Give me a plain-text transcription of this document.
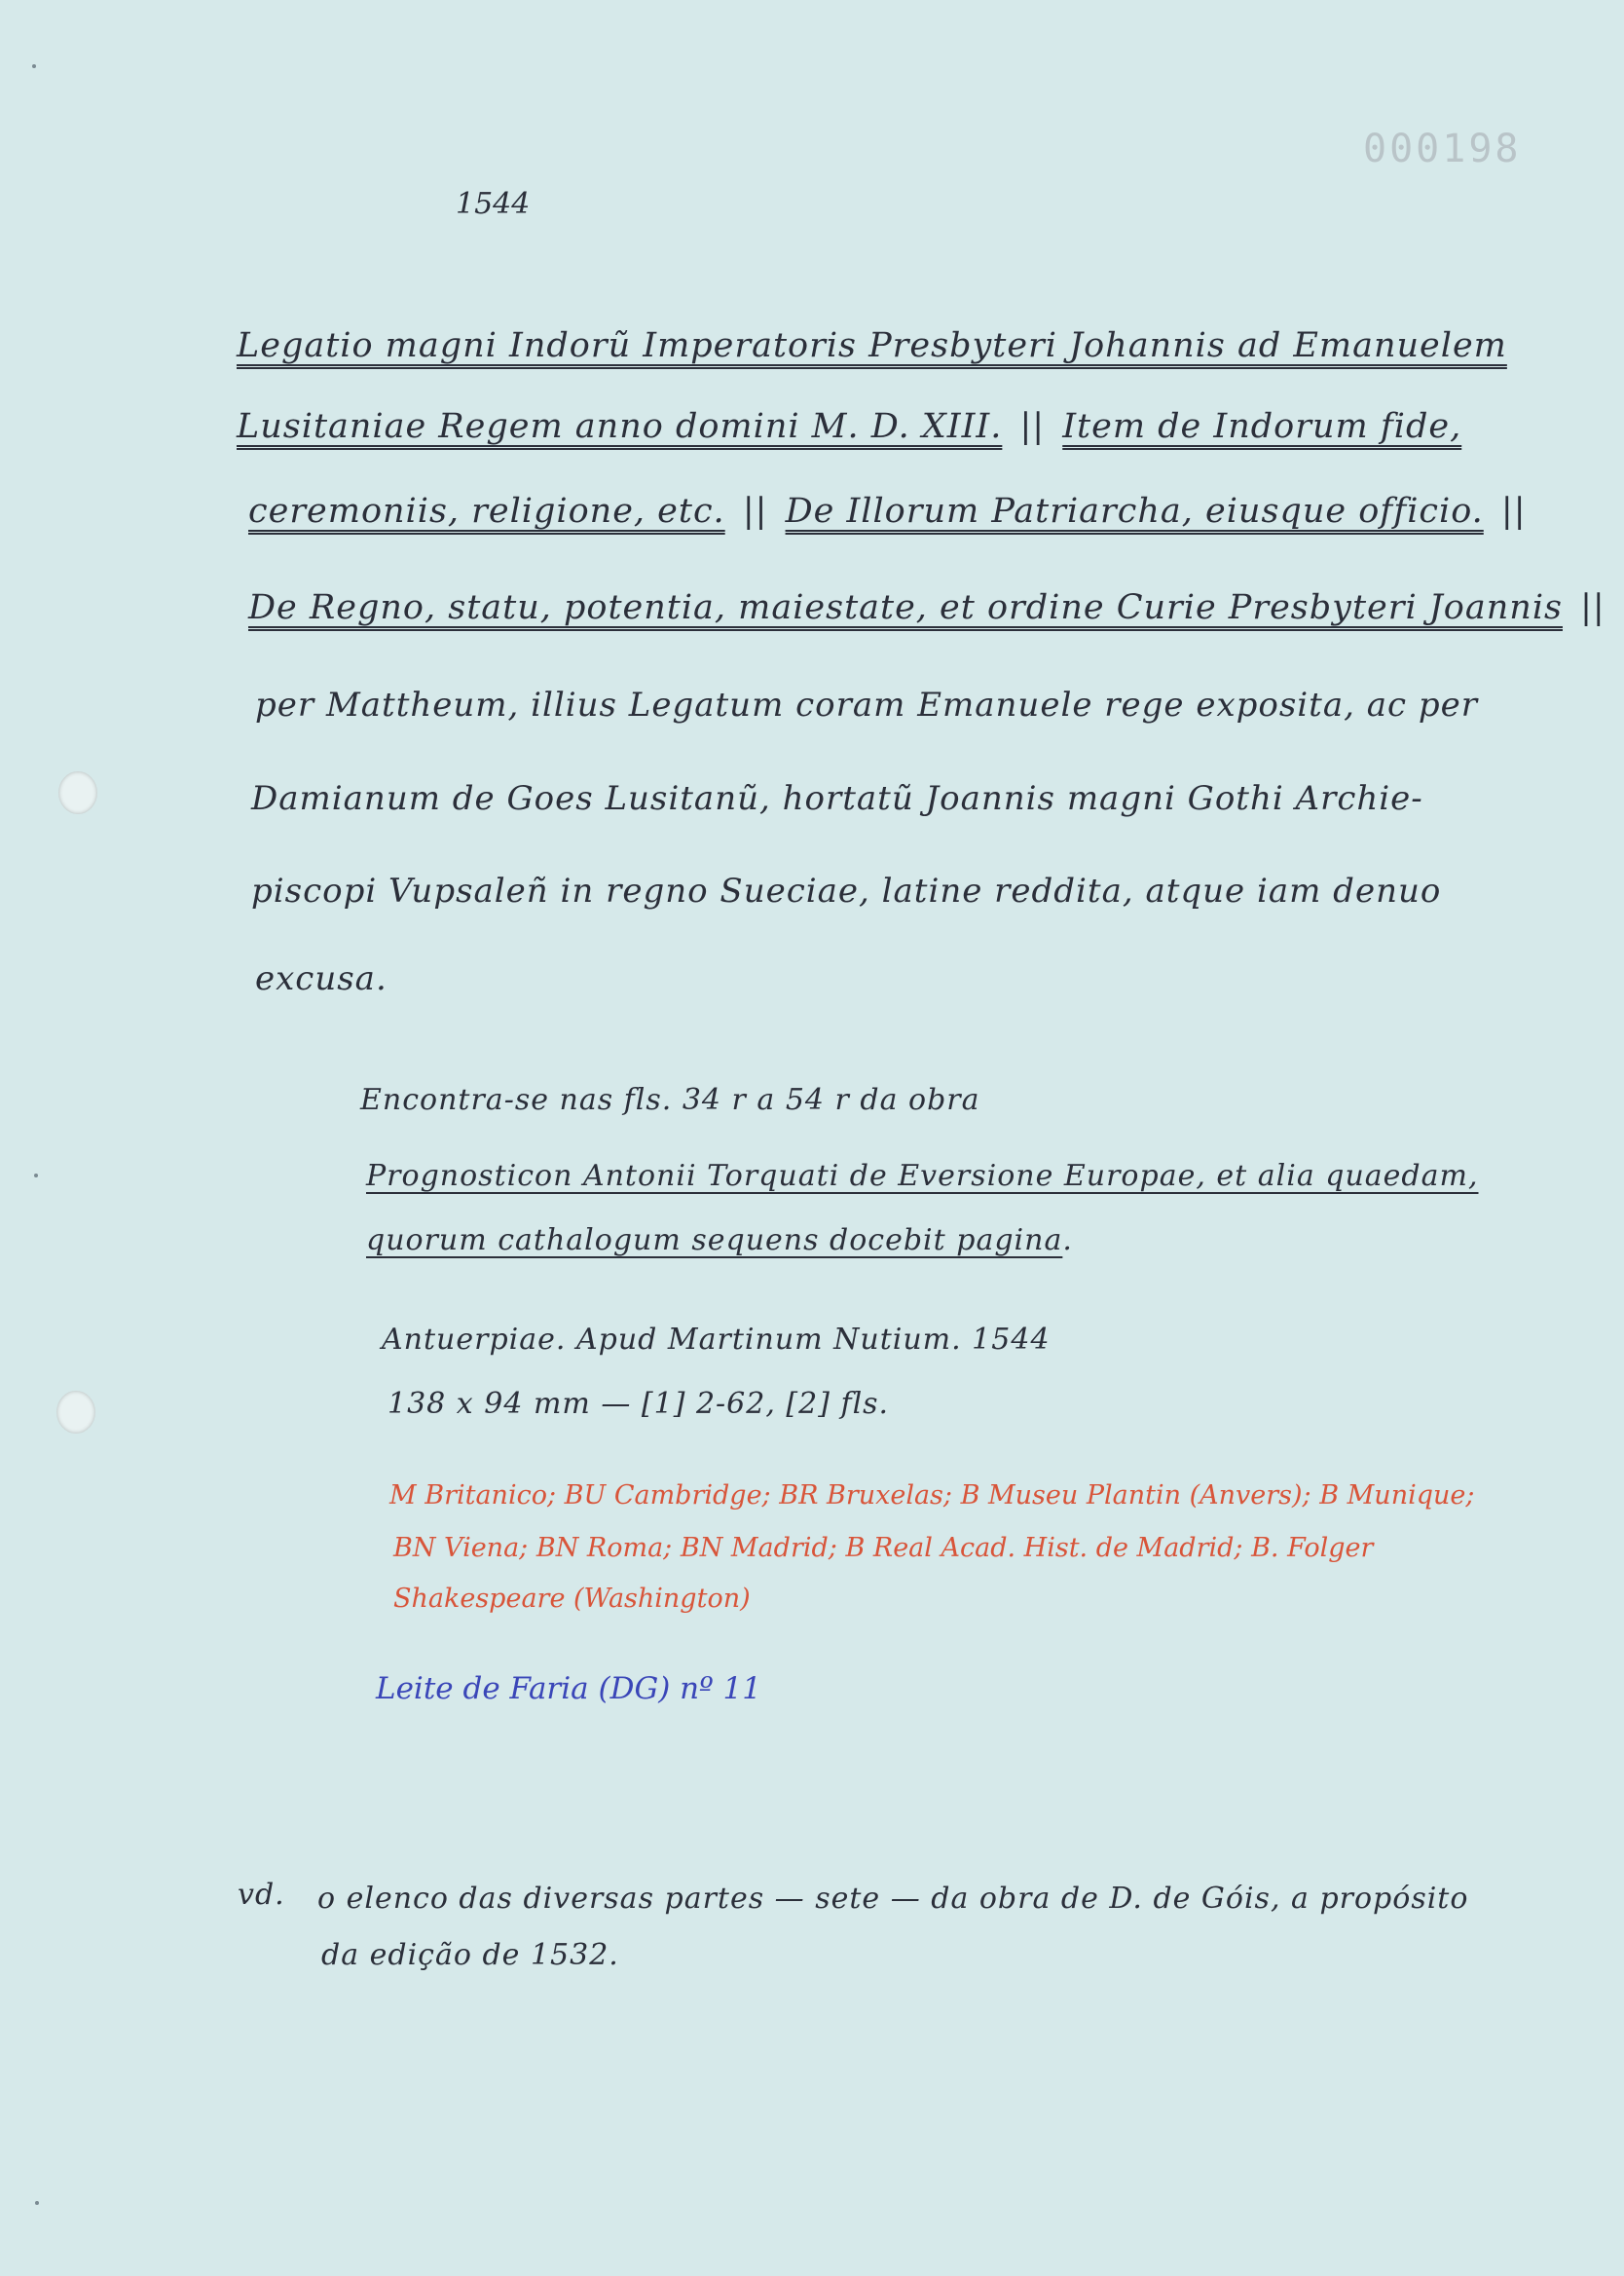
000198
1544
Legatio magni Indorũ Imperatoris Presbyteri Johannis ad Emanuelem
Lusitaniae Regem anno domini M. D. XIII. || Item de Indorum fide,
ceremoniis, religione, etc. || De Illorum Patriarcha, eiusque officio. ||
De Regno, statu, potentia, maiestate, et ordine Curie Presbyteri Joannis ||
per Mattheum, illius Legatum coram Emanuele rege exposita, ac per
Damianum de Goes Lusitanũ, hortatũ Joannis magni Gothi Archie-
piscopi Vupsaleñ in regno Sueciae, latine reddita, atque iam denuo
excusa.
Encontra-se nas fls. 34 r a 54 r da obra
Prognosticon Antonii Torquati de Eversione Europae, et alia quaedam,
quorum cathalogum sequens docebit pagina.
Antuerpiae. Apud Martinum Nutium. 1544
138 x 94 mm — [1] 2-62, [2] fls.
M Britanico; BU Cambridge; BR Bruxelas; B Museu Plantin (Anvers); B Munique;
BN Viena; BN Roma; BN Madrid; B Real Acad. Hist. de Madrid; B. Folger
Shakespeare (Washington)
Leite de Faria (DG) nº 11
vd. o elenco das diversas partes — sete — da obra de D. de Góis, a propósito
da edição de 1532.
